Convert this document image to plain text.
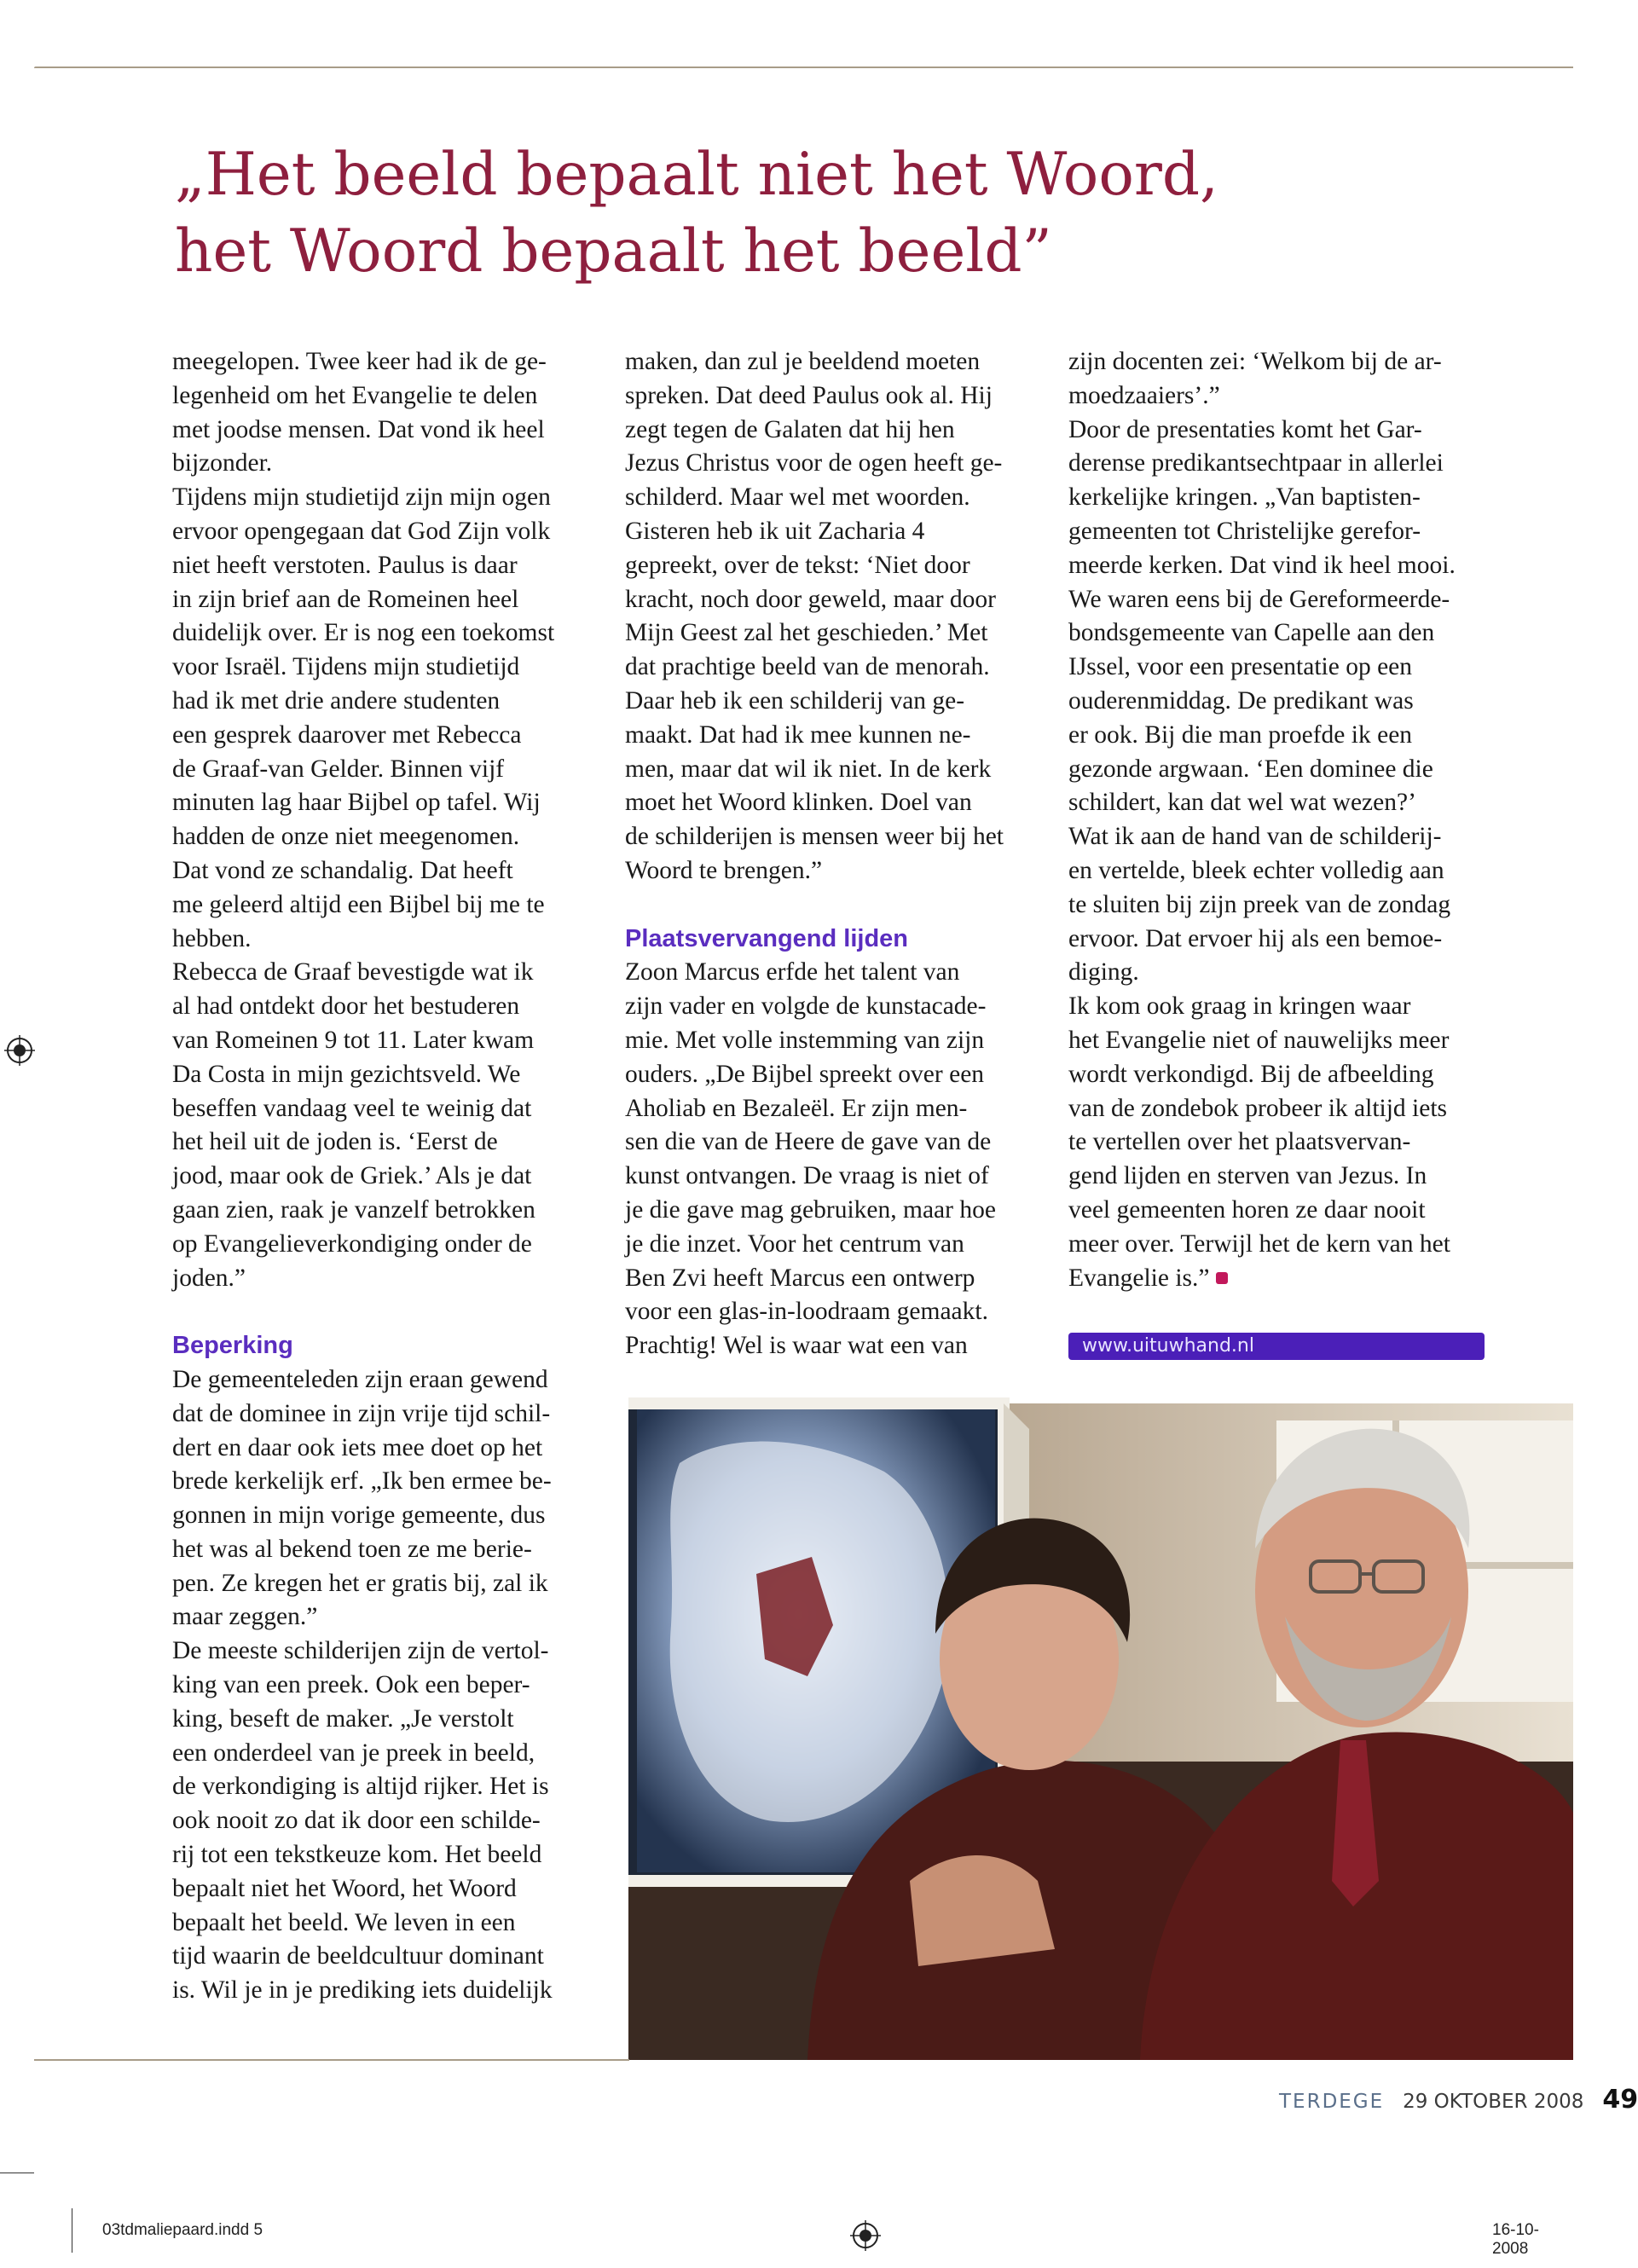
„Het beeld bepaalt niet het Woord,
het Woord bepaalt het beeld”

meegelopen. Twee keer had ik de ge-

legenheid om het Evangelie te delen

met joodse mensen. Dat vond ik heel

bijzonder.

Tijdens mijn studietijd zijn mijn ogen

ervoor opengegaan dat God Zijn volk

niet heeft verstoten. Paulus is daar

in zijn brief aan de Romeinen heel

duidelijk over. Er is nog een toekomst

voor Israël. Tijdens mijn studietijd

had ik met drie andere studenten

een gesprek daarover met Rebecca

de Graaf-van Gelder. Binnen vijf

minuten lag haar Bijbel op tafel. Wij

hadden de onze niet meegenomen.

Dat vond ze schandalig. Dat heeft

me geleerd altijd een Bijbel bij me te

hebben.

Rebecca de Graaf bevestigde wat ik

al had ontdekt door het bestuderen

van Romeinen 9 tot 11. Later kwam

Da Costa in mijn gezichtsveld. We

beseffen vandaag veel te weinig dat

het heil uit de joden is. ‘Eerst de

jood, maar ook de Griek.’ Als je dat

gaan zien, raak je vanzelf betrokken

op Evangelieverkondiging onder de

joden.”

Beperking

De gemeenteleden zijn eraan gewend

dat de dominee in zijn vrije tijd schil-

dert en daar ook iets mee doet op het

brede kerkelijk erf. „Ik ben ermee be-

gonnen in mijn vorige gemeente, dus

het was al bekend toen ze me berie-

pen. Ze kregen het er gratis bij, zal ik

maar zeggen.”

De meeste schilderijen zijn de vertol-

king van een preek. Ook een beper-

king, beseft de maker. „Je verstolt

een onderdeel van je preek in beeld,

de verkondiging is altijd rijker. Het is

ook nooit zo dat ik door een schilde-

rij tot een tekstkeuze kom. Het beeld

bepaalt niet het Woord, het Woord

bepaalt het beeld. We leven in een

tijd waarin de beeldcultuur dominant

is. Wil je in je prediking iets duidelijk

maken, dan zul je beeldend moeten

spreken. Dat deed Paulus ook al. Hij

zegt tegen de Galaten dat hij hen

Jezus Christus voor de ogen heeft ge-

schilderd. Maar wel met woorden.

Gisteren heb ik uit Zacharia 4

gepreekt, over de tekst: ‘Niet door

kracht, noch door geweld, maar door

Mijn Geest zal het geschieden.’ Met

dat prachtige beeld van de menorah.

Daar heb ik een schilderij van ge-

maakt. Dat had ik mee kunnen ne-

men, maar dat wil ik niet. In de kerk

moet het Woord klinken. Doel van

de schilderijen is mensen weer bij het

Woord te brengen.”

Plaatsvervangend lijden

Zoon Marcus erfde het talent van

zijn vader en volgde de kunstacade-

mie. Met volle instemming van zijn

ouders. „De Bijbel spreekt over een

Aholiab en Bezaleël. Er zijn men-

sen die van de Heere de gave van de

kunst ontvangen. De vraag is niet of

je die gave mag gebruiken, maar hoe

je die inzet. Voor het centrum van

Ben Zvi heeft Marcus een ontwerp

voor een glas-in-loodraam gemaakt.

Prachtig! Wel is waar wat een van

zijn docenten zei: ‘Welkom bij de ar-

moedzaaiers’.”

Door de presentaties komt het Gar-

derense predikantsechtpaar in allerlei

kerkelijke kringen. „Van baptisten-

gemeenten tot Christelijke gerefor-

meerde kerken. Dat vind ik heel mooi.

We waren eens bij de Gereformeerde-

bondsgemeente van Capelle aan den

IJssel, voor een presentatie op een

ouderenmiddag. De predikant was

er ook. Bij die man proefde ik een

gezonde argwaan. ‘Een dominee die

schildert, kan dat wel wat wezen?’

Wat ik aan de hand van de schilderij-

en vertelde, bleek echter volledig aan

te sluiten bij zijn preek van de zondag

ervoor. Dat ervoer hij als een bemoe-

diging.

Ik kom ook graag in kringen waar

het Evangelie niet of nauwelijks meer

wordt verkondigd. Bij de afbeelding

van de zondebok probeer ik altijd iets

te vertellen over het plaatsvervan-

gend lijden en sterven van Jezus. In

veel gemeenten horen ze daar nooit

meer over. Terwijl het de kern van het

Evangelie is.”

www.uituwhand.nl
TERDEGE 29 OKTOBER 2008 49
03tdmaliepaard.indd 5	16-10-2008
